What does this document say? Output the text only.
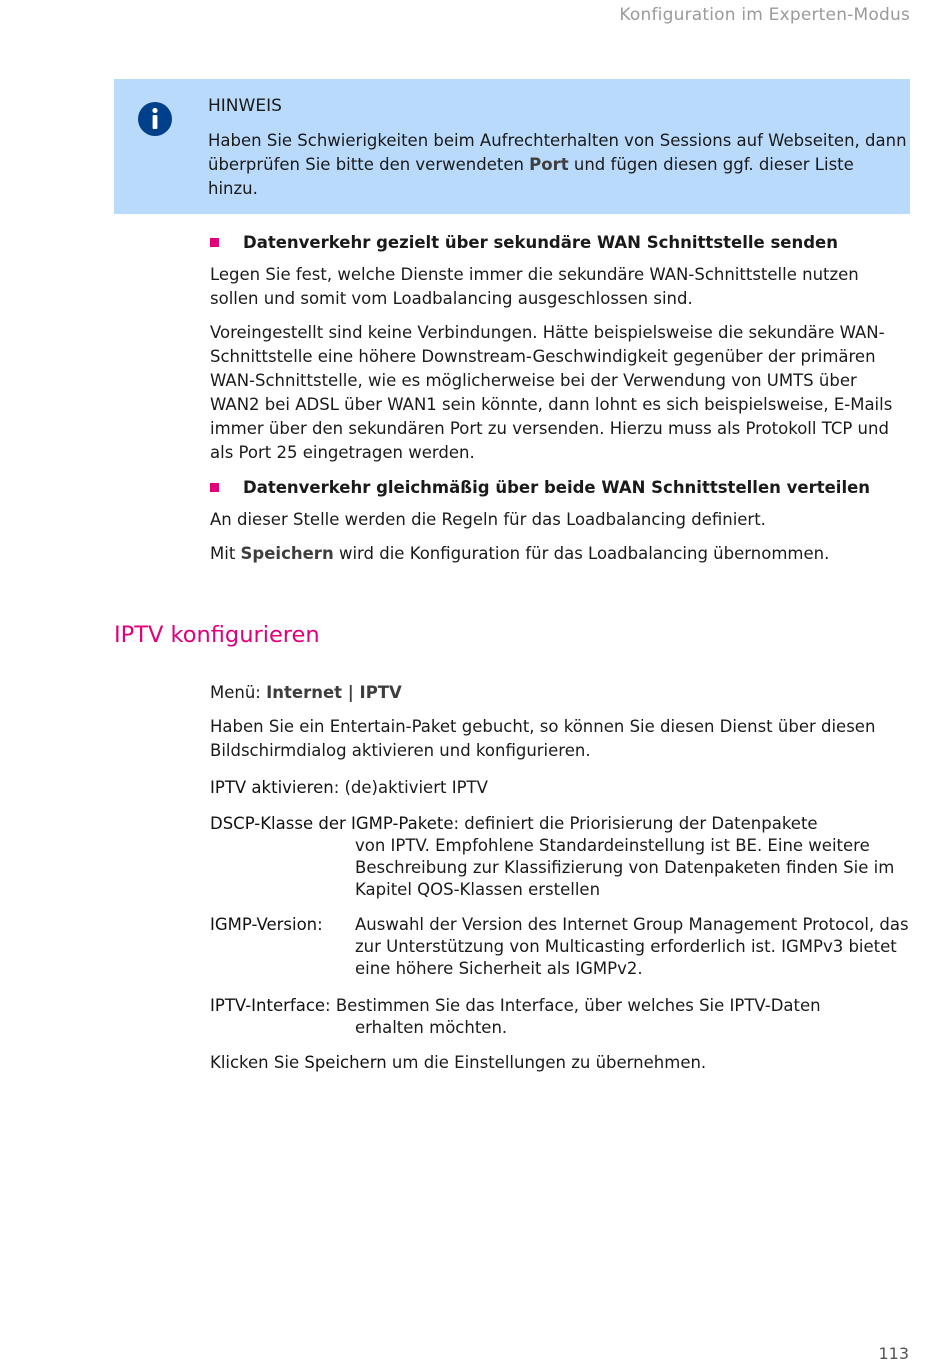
Konfiguration im Experten-Modus
HINWEIS
Haben Sie Schwierigkeiten beim Aufrechterhalten von Sessions auf Webseiten, dann überprüfen Sie bitte den verwendeten Port und fügen diesen ggf. dieser Liste hinzu.
Datenverkehr gezielt über sekundäre WAN Schnittstelle senden
Legen Sie fest, welche Dienste immer die sekundäre WAN-Schnittstelle nutzen sollen und somit vom Loadbalancing ausgeschlossen sind.
Voreingestellt sind keine Verbindungen. Hätte beispielsweise die sekundäre WAN-Schnittstelle eine höhere Downstream-Geschwindigkeit gegenüber der primären WAN-Schnittstelle, wie es möglicherweise bei der Verwendung von UMTS über WAN2 bei ADSL über WAN1 sein könnte, dann lohnt es sich beispielsweise, E-Mails immer über den sekundären Port zu versenden. Hierzu muss als Protokoll TCP und als Port 25 eingetragen werden.
Datenverkehr gleichmäßig über beide WAN Schnittstellen verteilen
An dieser Stelle werden die Regeln für das Loadbalancing definiert.
Mit Speichern wird die Konfiguration für das Loadbalancing übernommen.
IPTV konfigurieren
Menü: Internet | IPTV
Haben Sie ein Entertain-Paket gebucht, so können Sie diesen Dienst über diesen Bildschirmdialog aktivieren und konfigurieren.
IPTV aktivieren: (de)aktiviert IPTV
DSCP-Klasse der IGMP-Pakete: definiert die Priorisierung der Datenpakete
von IPTV. Empfohlene Standardeinstellung ist BE. Eine weitere Beschreibung zur Klassifizierung von Datenpaketen finden Sie im Kapitel QOS-Klassen erstellen
IGMP-Version:	Auswahl der Version des Internet Group Management Protocol, das zur Unterstützung von Multicasting erforderlich ist. IGMPv3 bietet eine höhere Sicherheit als IGMPv2.
IPTV-Interface: Bestimmen Sie das Interface, über welches Sie IPTV-Daten
erhalten möchten.
Klicken Sie Speichern um die Einstellungen zu übernehmen.
113
